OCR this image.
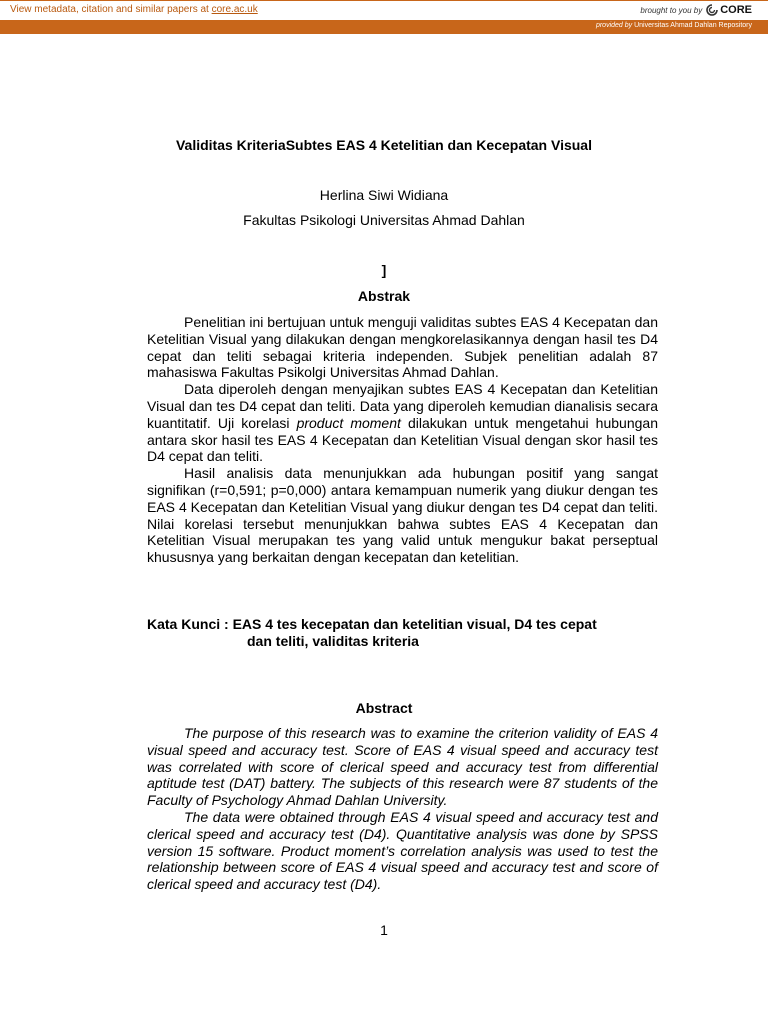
View metadata, citation and similar papers at core.ac.uk	brought to you by CORE
provided by Universitas Ahmad Dahlan Repository
Validitas KriteriaSubtes EAS 4 Ketelitian dan Kecepatan Visual
Herlina Siwi Widiana
Fakultas Psikologi Universitas Ahmad Dahlan
]
Abstrak

Penelitian ini bertujuan untuk menguji validitas subtes EAS 4 Kecepatan dan Ketelitian Visual yang dilakukan dengan mengkorelasikannya dengan hasil tes D4 cepat dan teliti sebagai kriteria independen. Subjek penelitian adalah 87 mahasiswa Fakultas Psikolgi Universitas Ahmad Dahlan.

Data diperoleh dengan menyajikan subtes EAS 4 Kecepatan dan Ketelitian Visual dan tes D4 cepat dan teliti. Data yang diperoleh kemudian dianalisis secara kuantitatif. Uji korelasi product moment dilakukan untuk mengetahui hubungan antara skor hasil tes EAS 4 Kecepatan dan Ketelitian Visual dengan skor hasil tes D4 cepat dan teliti.

Hasil analisis data menunjukkan ada hubungan positif yang sangat signifikan (r=0,591; p=0,000) antara kemampuan numerik yang diukur dengan tes EAS 4 Kecepatan dan Ketelitian Visual yang diukur dengan tes D4 cepat dan teliti. Nilai korelasi tersebut menunjukkan bahwa subtes EAS 4 Kecepatan dan Ketelitian Visual merupakan tes yang valid untuk mengukur bakat perseptual khususnya yang berkaitan dengan kecepatan dan ketelitian.

Kata Kunci : EAS 4 tes kecepatan dan ketelitian visual, D4 tes cepat
dan teliti, validitas kriteria
Abstract

The purpose of this research was to examine the criterion validity of EAS 4 visual speed and accuracy test. Score of EAS 4 visual speed and accuracy test was correlated with score of clerical speed and accuracy test from differential aptitude test (DAT) battery. The subjects of this research were 87 students of the Faculty of Psychology Ahmad Dahlan University.

The data were obtained through EAS 4 visual speed and accuracy test and clerical speed and accuracy test (D4). Quantitative analysis was done by SPSS version 15 software. Product moment’s correlation analysis was used to test the relationship between score of EAS 4 visual speed and accuracy test and score of clerical speed and accuracy test (D4).

1
